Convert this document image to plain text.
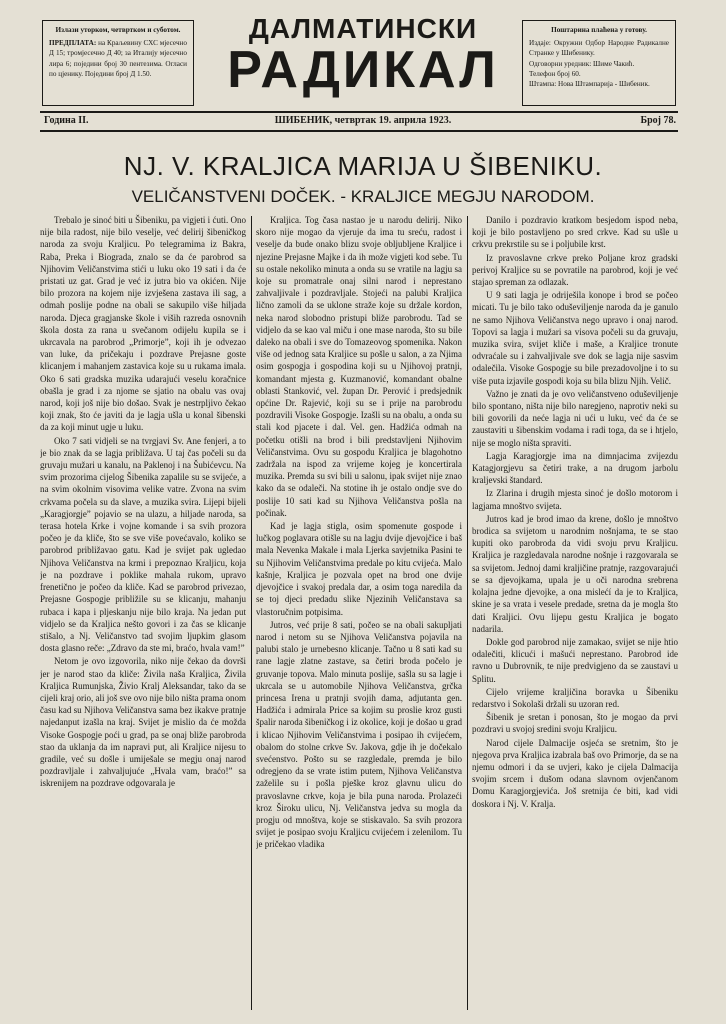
Излази уторком, четвртком и суботом.

ПРЕДПЛАТА: на Краљевину СХС мјесечно Д 15; тромјесечно Д 40; за Италију мјесечно лира 6; поједини број 30 пентезима. Огласи по цјенику. Поједини број Д 1.50.

ДАЛМАТИНСКИ
РАДИКАЛ

Поштарина плаћена у готову.

Издаје: Окружни Одбор Народне Радикалне Странке у Шибенику.

Одговорни уредник: Шиме Чакић.

Телефон број 60.

Штампа: Нова Штампарија - Шибеник.

Година II.	ШИБЕНИК, четвртак 19. априла 1923.	Број 78.
NJ. V. KRALJICA MARIJA U ŠIBENIKU.
VELIČANSTVENI DOČEK. - KRALJICE MEGJU NARODOM.

Trebalo je sinoć biti u Šibeniku, pa vigjeti i ćuti. Ono nije bila radost, nije bilo veselje, već delirij šibeničkog naroda za svoju Kraljicu. Po telegramima iz Bakra, Raba, Preka i Biograda, znalo se da će parobrod sa Njihovim Veličanstvima stići u luku oko 19 sati i da će pristati uz gat. Grad je već iz jutra bio va okićen. Nije bilo prozora na kojem nije izvješena zastava ili sag, a odmah poslije podne na obali se sakupilo više hiljada naroda. Djeca gragjanske škole i viših razreda osnovnih škola dosta za rana u svečanom odijelu kupila se i ukrcavala na parobrod „Primorje”, koji ih je odvezao van luke, da pričekaju i pozdrave Prejasne goste klicanjem i mahanjem zastavica koje su u rukama imala. Oko 6 sati gradska muzika udarajući veselu koračnice obašla je grad i za njome se sjatio na obalu vas ovaj narod, koji još nije bio došao. Svak je nestrpljivo čekao koji znak, što će javiti da je lagja ušla u konal šibenski da za koji minut ugje u luku.

Oko 7 sati vidjeli se na tvrgjavi Sv. Ane fenjeri, a to je bio znak da se lagja približava. U taj čas počeli su da gruvaju mužari u kanalu, na Paklenoj i na Šubićevcu. Na svim prozorima cijelog Šibenika zapalile su se svijeće, a na svim okolnim visovima velike vatre. Zvona na svim crkvama počela su da slave, a muzika svira. Lijepi bijeli „Karagjorgje” pojavio se na ulazu, a hiljade naroda, sa terasa hotela Krke i vojne komande i sa svih prozora počeo je da kliče, što se sve više povećavalo, koliko se parobrod približavao gatu. Kad je svijet pak ugledao Njihova Veličanstva na krmi i prepoznao Kraljicu, koja je na pozdrave i poklike mahala rukom, upravo frenetično je počeo da kliče. Kad se parobrod privezao, Prejasne Gospogje približile su se klicanju, mahanju rubaca i kapa i pljeskanju nije bilo kraja. Na jedan put vidjelo se da Kraljica nešto govori i za čas se klicanje stišalo, a Nj. Veličanstvo tad svojim ljupkim glasom dosta glasno reče: „Zdravo da ste mi, braćo, hvala vam!”

Netom je ovo izgovorila, niko nije čekao da dovrši jer je narod stao da kliče: Živila naša Kraljica, Živila Kraljica Rumunjska, Živio Kralj Aleksandar, tako da se cijeli kraj orio, ali još sve ovo nije bilo ništa prama onom času kad su Njihova Veličanstva sama bez ikakve pratnje najedanput izašla na kraj. Svijet je mislio da će možda Visoke Gospogje poći u grad, pa se onaj bliže parobroda stao da uklanja da im napravi put, ali Kraljice nijesu to gradile, već su došle i umiješale se megju onaj narod pozdravljale i zahvaljujuće „Hvala vam, braćo!” sa iskrenijem na pozdrave odgovarala je

Kraljica. Tog časa nastao je u narodu delirij. Niko skoro nije mogao da vjeruje da ima tu sreću, radost i veselje da bude onako blizu svoje obljubljene Kraljice i njezine Prejasne Majke i da ih može vigjeti kod sebe. Tu su ostale nekoliko minuta a onda su se vratile na lagju sa koje su promatrale onaj silni narod i neprestano zahvaljivale i pozdravljale. Stojeći na palubi Kraljica lično zamoli da se uklone straže koje su držale kordon, neka narod slobodno pristupi bliže parobrodu. Tad se vidjelo da se kao val miču i one mase naroda, što su bile daleko na obali i sve do Tomazeovog spomenika. Nakon više od jednog sata Kraljice su pošle u salon, a za Njima osim gospogja i gospodina koji su u Njihovoj pratnji, komandant mjesta g. Kuzmanović, komandant obalne oblasti Stanković, vel. župan Dr. Perović i predsjednik općine Dr. Rajević, koji su se i prije na parobrodu pozdravili Visoke Gospogje. Izašli su na obalu, a onda su stali kod pjacete i dal. Vel. gen. Hadžića odmah na početku otišli na brod i bili predstavljeni Njihovim Veličanstvima. Ovu su gospodu Kraljica je blagohotno zadržala na ispod za vrijeme kojeg je koncertirala muzika. Premda su svi bili u salonu, ipak svijet nije znao kako da se odaleči. Na stotine ih je ostalo ondje sve do poslije 10 sati kad su Njihova Veličanstva pošla na počinak.

Kad je lagja stigla, osim spomenute gospode i lučkog poglavara otišle su na lagju dvije djevojčice i baš mala Nevenka Makale i mala Ljerka savjetnika Pasini te su Njihovim Veličanstvima predale po kitu cvijeća. Malo kašnje, Kraljica je pozvala opet na brod one dvije djevojčice i svakoj predala dar, a osim toga naredila da se toj djeci predadu slike Njezinih Veličanstava sa vlastoručnim potpisima.

Jutros, već prije 8 sati, počeo se na obali sakupljati narod i netom su se Njihova Veličanstva pojavila na palubi stalo je urnebesno klicanje. Tačno u 8 sati kad su rane lagje zlatne zastave, sa četiri broda počelo je gruvanje topova. Malo minuta poslije, sašla su sa lagje i ukrcala se u automobile Njihova Veličanstva, grčka princesa Irena u pratnji svojih dama, adjutanta gen. Hadžića i admirala Price sa kojim su proslie kroz gusti špalir naroda šibeničkog i iz okolice, koji je došao u grad i klicao Njihovim Veličanstvima i posipao ih cvijećem, obalom do stolne crkve Sv. Jakova, gdje ih je dočekalo svećenstvo. Pošto su se razgledale, premda je bilo odregjeno da se vrate istim putem, Njihova Veličanstva zaželile su i pošla pješke kroz glavnu ulicu do pravoslavne crkve, koja je bila puna naroda. Prolazeći kroz Široku ulicu, Nj. Veličanstva jedva su mogla da progju od mnoštva, koje se stiskavalo. Sa svih prozora svijet je posipao svoju Kraljicu cvijećem i zelenilom. Tu je pričekao vladika

Danilo i pozdravio kratkom besjedom ispod neba, koji je bilo postavljeno po sred crkve. Kad su ušle u crkvu prekrstile su se i poljubile krst.

Iz pravoslavne crkve preko Poljane kroz gradski perivoj Kraljice su se povratile na parobrod, koji je već stajao spreman za odlazak.

U 9 sati lagja je odriješila konope i brod se počeo micati. Tu je bilo tako oduševiljenje naroda da je ganulo ne samo Njihova Veličanstva nego upravo i onaj narod. Topovi sa lagja i mužari sa visova počeli su da gruvaju, muzika svira, svijet kliče i maše, a Kraljice tronute odvraćale su i zahvaljivale sve dok se lagja nije sasvim odalečila. Visoke Gospogje su bile prezadovoljne i to su više puta izjavile gospodi koja su bila blizu Njih. Velič.

Važno je znati da je ovo veličanstveno oduševiljenje bilo spontano, ništa nije bilo naregjeno, naprotiv neki su bili govorili da neće lagja ni ući u luku, već da će se zaustaviti u šibenskim vodama i radi toga, da se i htjelo, nije se moglo ništa spraviti.

Lagja Karagjorgje ima na dimnjacima zvijezdu Katagjorgjevu sa četiri trake, a na drugom jarbolu kraljevski štandard.

Iz Zlarina i drugih mjesta sinoć je došlo motorom i lagjama mnoštvo svijeta.

Jutros kad je brod imao da krene, došlo je mnoštvo brodica sa svijetom u narodnim nošnjama, te se stao kupiti oko parobroda da vidi svoju prvu Kraljicu. Kraljica je razgledavala narodne nošnje i razgovarala se sa svijetom. Jednoj dami kraljičine pratnje, razgovarajući se sa djevojkama, upala je u oči narodna srebrena kolajna jedne djevojke, a ona mislećí da je to Kraljica, skine je sa vrata i vesele predade, sretna da je mogla što dati Kraljici. Ovu lijepu gestu Kraljica je bogato nadarila.

Dokle god parobrod nije zamakao, svijet se nije htio odalečiti, klicući i mašući neprestano. Parobrod ide ravno u Dubrovnik, te nije predvigjeno da se zaustavi u Splitu.

Cijelo vrijeme kraljičina boravka u Šibeniku redarstvo i Sokolaši držali su uzoran red.

Šibenik je sretan i ponosan, što je mogao da prvi pozdravi u svojoj sredini svoju Kraljicu.

Narod cijele Dalmacije osjeća se sretnim, što je njegova prva Kraljica izabrala baš ovo Primorje, da se na njemu odmori i da se uvjeri, kako je cijela Dalmacija svojim srcem i dušom odana slavnom ovjenčanom Domu Karagjorgjevića. Još sretnija će biti, kad vidi doskora i Nj. V. Kralja.
